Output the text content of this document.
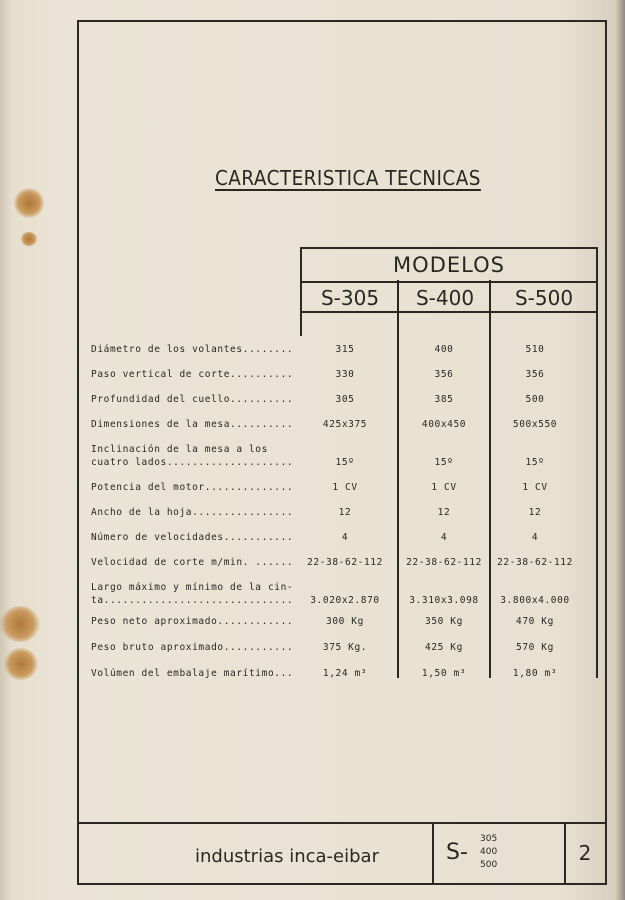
CARACTERISTICA TECNICAS
MODELOS
S-305	S-400	S-500
Diámetro de los volantes........	315	400	510
Paso vertical de corte..........	330	356	356
Profundidad del cuello..........	305	385	500
Dimensiones de la mesa..........	425x375	400x450	500x550
Inclinación de la mesa a los
cuatro lados....................	15º	15º	15º
Potencia del motor..............	1 CV	1 CV	1 CV
Ancho de la hoja................	12	12	12
Número de velocidades...........	4	4	4
Velocidad de corte m/min. ......	22-38-62-112	22-38-62-112	22-38-62-112
Largo máximo y mínimo de la cin-
ta..............................	3.020x2.870	3.310x3.098	3.800x4.000
Peso neto aproximado............	300 Kg	350 Kg	470 Kg
Peso bruto aproximado...........	375 Kg.	425 Kg	570 Kg
Volúmen del embalaje marítimo...	1,24 m³	1,50 m³	1,80 m³
industrias inca-eibar	S-
305
400
500	2
